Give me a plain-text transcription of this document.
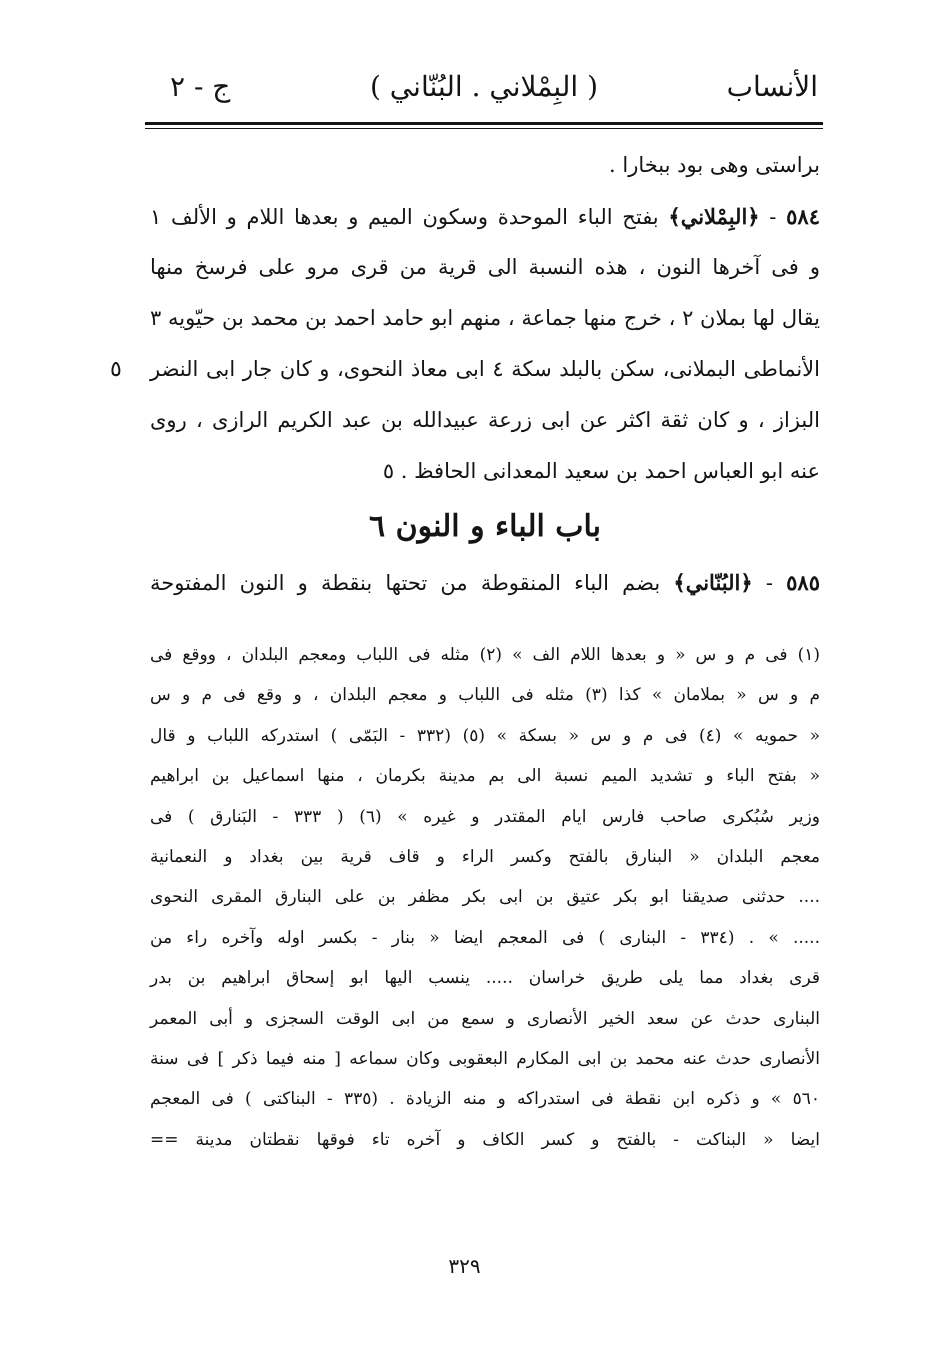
الأنساب
( البِمْلاني . البُنّاني )
ج - ٢
براستى وهى بود ببخارا .
٥٨٤ - ﴿البِمْلاني﴾ بفتح الباء الموحدة وسكون الميم و بعدها اللام و الألف ١
و فى آخرها النون ، هذه النسبة الى قرية من قرى مرو على فرسخ منها
يقال لها بملان ٢ ، خرج منها جماعة ، منهم ابو حامد احمد بن محمد بن حيّويه ٣
الأنماطى البملانى، سكن بالبلد سكة ٤ ابى معاذ النحوى، و كان جار ابى النضر
٥
البزاز ، و كان ثقة اكثر عن ابى زرعة عبيدالله بن عبد الكريم الرازى ، روى
عنه ابو العباس احمد بن سعيد المعدانى الحافظ . ٥
باب الباء و النون ٦
٥٨٥ - ﴿البُنّاني﴾ بضم الباء المنقوطة من تحتها بنقطة و النون المفتوحة
(١) فى م و س « و بعدها اللام الف » (٢) مثله فى اللباب ومعجم البلدان ، ووقع فى
م و س « بملامان » كذا (٣) مثله فى اللباب و معجم البلدان ، و وقع فى م و س
« حمويه » (٤) فى م و س « بسكة » (٥) (٣٣٢ - البَمّى ) استدركه اللباب و قال
« بفتح الباء و تشديد الميم نسبة الى بم مدينة بكرمان ، منها اسماعيل بن ابراهيم
وزير سُبُكرى صاحب فارس ايام المقتدر و غيره » (٦) ( ٣٣٣ - البَنارق ) فى
معجم البلدان « البنارق بالفتح وكسر الراء و قاف قرية بين بغداد و النعمانية
.... حدثنى صديقنا ابو بكر عتيق بن ابى بكر مظفر بن على البنارق المقرى النحوى
..... » . (٣٣٤ - البنارى ) فى المعجم ايضا « بنار - بكسر اوله وآخره راء من
قرى بغداد مما يلى طريق خراسان ..... ينسب اليها ابو إسحاق ابراهيم بن بدر
البنارى حدث عن سعد الخير الأنصارى و سمع من ابى الوقت السجزى و أبى المعمر
الأنصارى حدث عنه محمد بن ابى المكارم البعقوبى وكان سماعه [ منه فيما ذكر ] فى سنة
٥٦٠ » و ذكره ابن نقطة فى استدراكه و منه الزيادة . (٣٣٥ - البناكتى ) فى المعجم
ايضا « البناكت - بالفتح و كسر الكاف و آخره تاء فوقها نقطتان مدينة ==
٣٢٩
